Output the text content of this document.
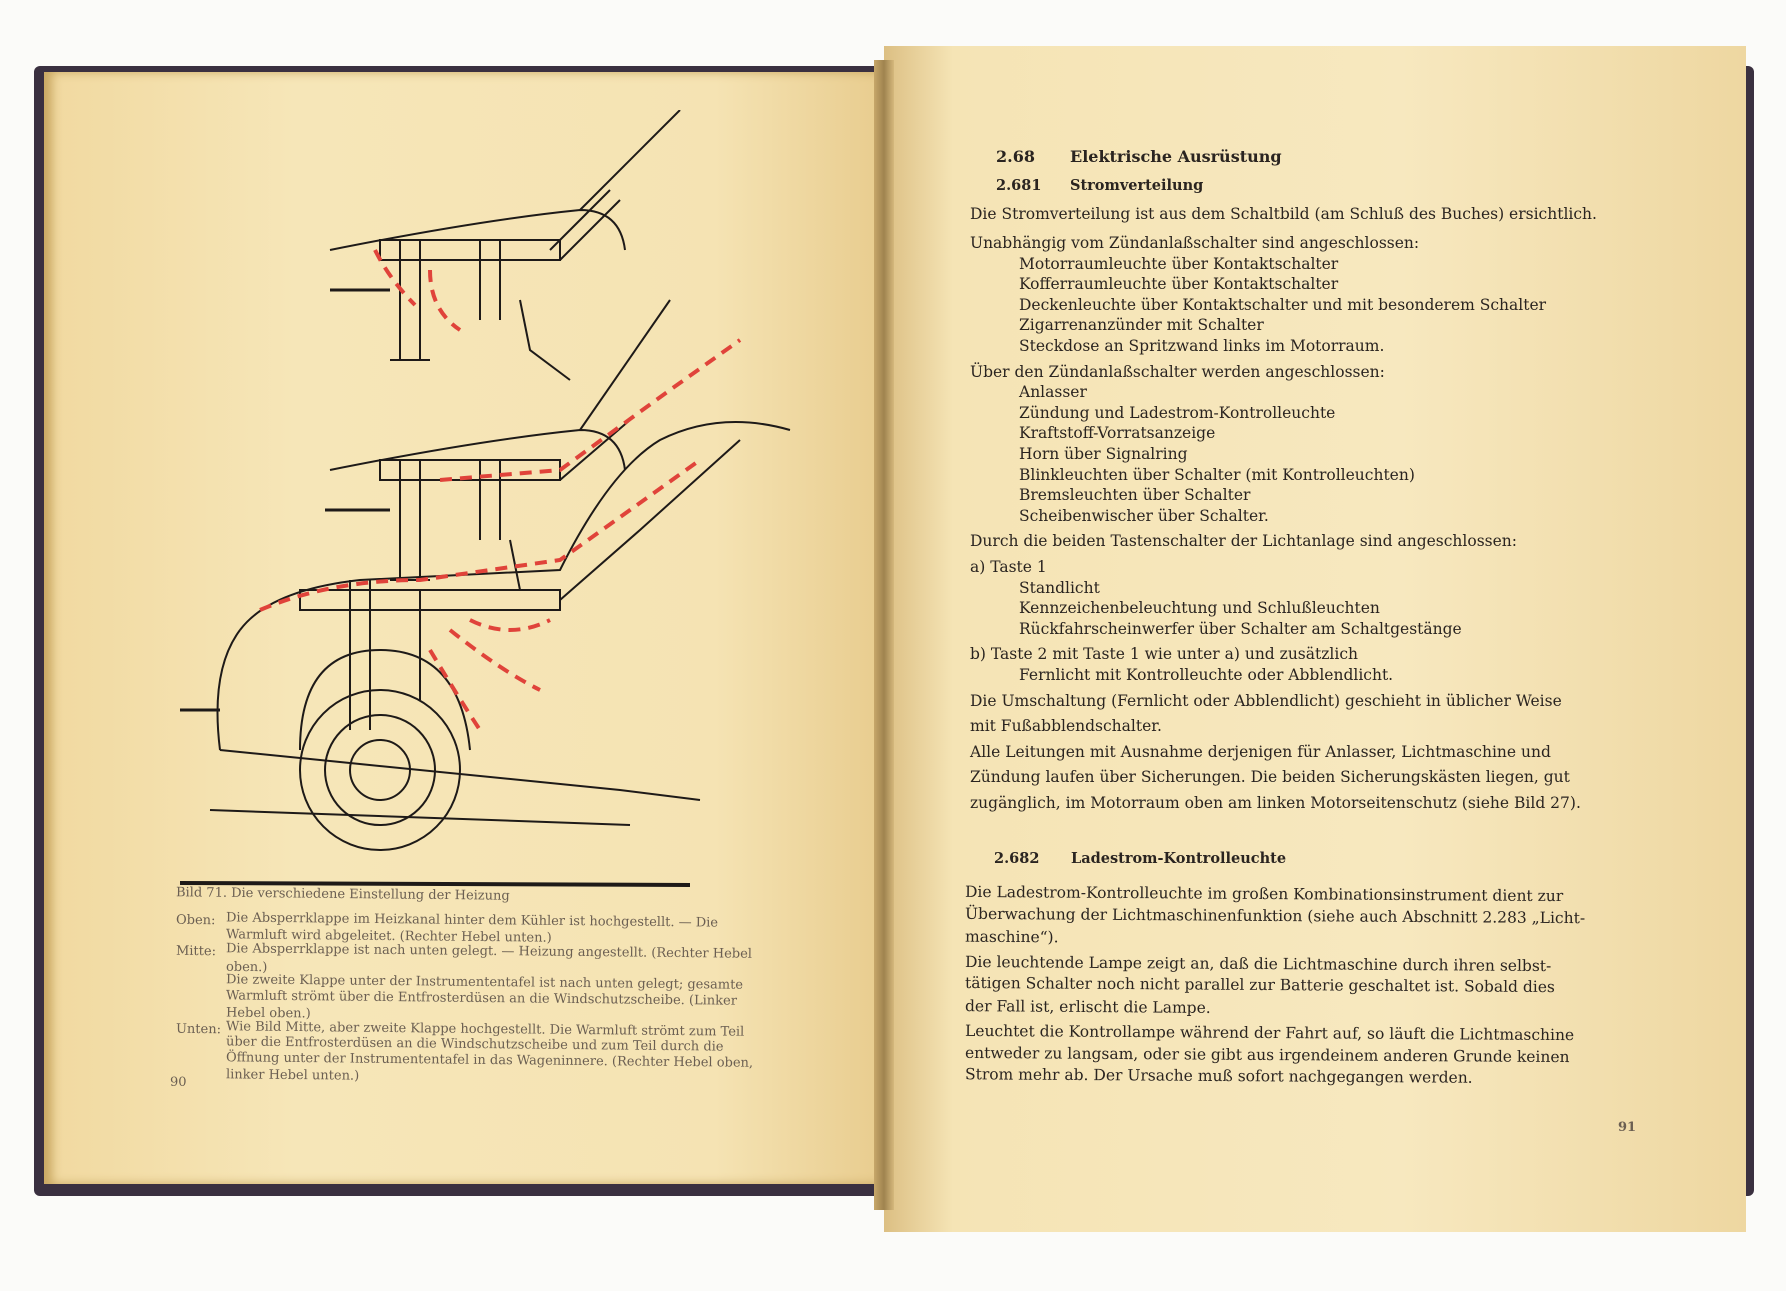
Bild 71. Die verschiedene Einstellung der Heizung
Oben: Die Absperrklappe im Heizkanal hinter dem Kühler ist hochgestellt. — Die
Warmluft wird abgeleitet. (Rechter Hebel unten.)
Mitte: Die Absperrklappe ist nach unten gelegt. — Heizung angestellt. (Rechter Hebel
oben.)
Die zweite Klappe unter der Instrumententafel ist nach unten gelegt; gesamte
Warmluft strömt über die Entfrosterdüsen an die Windschutzscheibe. (Linker
Hebel oben.)
Unten: Wie Bild Mitte, aber zweite Klappe hochgestellt. Die Warmluft strömt zum Teil
über die Entfrosterdüsen an die Windschutzscheibe und zum Teil durch die
Öffnung unter der Instrumententafel in das Wageninnere. (Rechter Hebel oben,
linker Hebel unten.)
90
2.68 Elektrische Ausrüstung
2.681 Stromverteilung
Die Stromverteilung ist aus dem Schaltbild (am Schluß des Buches) ersichtlich.
Unabhängig vom Zündanlaßschalter sind angeschlossen:
Motorraumleuchte über Kontaktschalter
Kofferraumleuchte über Kontaktschalter
Deckenleuchte über Kontaktschalter und mit besonderem Schalter
Zigarrenanzünder mit Schalter
Steckdose an Spritzwand links im Motorraum.
Über den Zündanlaßschalter werden angeschlossen:
Anlasser
Zündung und Ladestrom-Kontrolleuchte
Kraftstoff-Vorratsanzeige
Horn über Signalring
Blinkleuchten über Schalter (mit Kontrolleuchten)
Bremsleuchten über Schalter
Scheibenwischer über Schalter.
Durch die beiden Tastenschalter der Lichtanlage sind angeschlossen:
a) Taste 1
Standlicht
Kennzeichenbeleuchtung und Schlußleuchten
Rückfahrscheinwerfer über Schalter am Schaltgestänge
b) Taste 2 mit Taste 1 wie unter a) und zusätzlich
Fernlicht mit Kontrolleuchte oder Abblendlicht.
Die Umschaltung (Fernlicht oder Abblendlicht) geschieht in üblicher Weise
mit Fußabblendschalter.
Alle Leitungen mit Ausnahme derjenigen für Anlasser, Lichtmaschine und
Zündung laufen über Sicherungen. Die beiden Sicherungskästen liegen, gut
zugänglich, im Motorraum oben am linken Motorseitenschutz (siehe Bild 27).
2.682 Ladestrom-Kontrolleuchte
Die Ladestrom-Kontrolleuchte im großen Kombinationsinstrument dient zur
Überwachung der Lichtmaschinenfunktion (siehe auch Abschnitt 2.283 „Licht-
maschine“).
Die leuchtende Lampe zeigt an, daß die Lichtmaschine durch ihren selbst-
tätigen Schalter noch nicht parallel zur Batterie geschaltet ist. Sobald dies
der Fall ist, erlischt die Lampe.
Leuchtet die Kontrollampe während der Fahrt auf, so läuft die Lichtmaschine
entweder zu langsam, oder sie gibt aus irgendeinem anderen Grunde keinen
Strom mehr ab. Der Ursache muß sofort nachgegangen werden.
91
